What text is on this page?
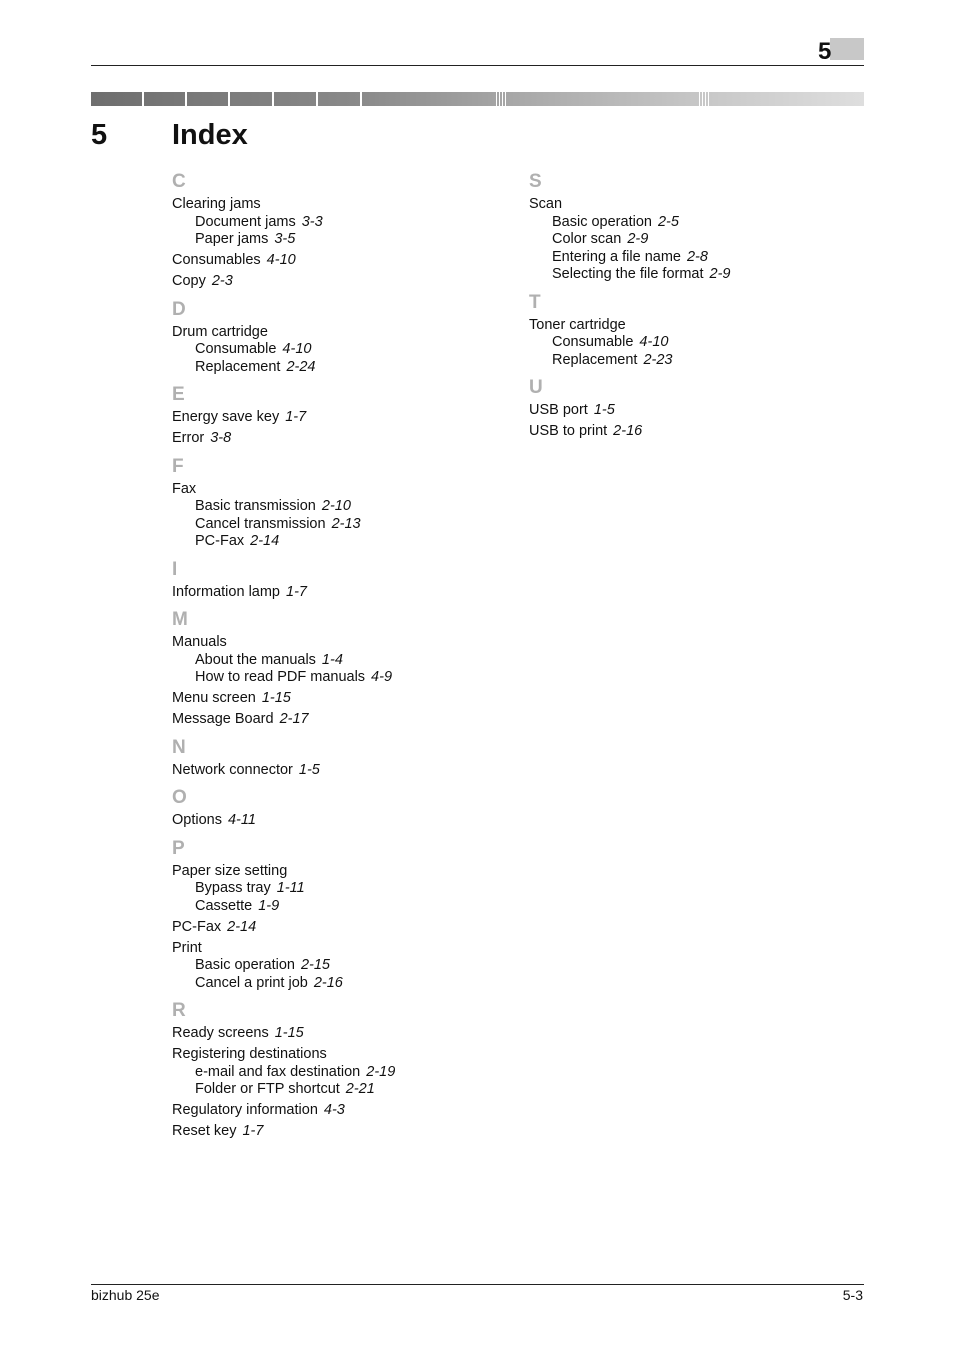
5
5 Index
C
Clearing jams
Document jams 3-3
Paper jams 3-5
Consumables 4-10
Copy 2-3
D
Drum cartridge
Consumable 4-10
Replacement 2-24
E
Energy save key 1-7
Error 3-8
F
Fax
Basic transmission 2-10
Cancel transmission 2-13
PC-Fax 2-14
I
Information lamp 1-7
M
Manuals
About the manuals 1-4
How to read PDF manuals 4-9
Menu screen 1-15
Message Board 2-17
N
Network connector 1-5
O
Options 4-11
P
Paper size setting
Bypass tray 1-11
Cassette 1-9
PC-Fax 2-14
Print
Basic operation 2-15
Cancel a print job 2-16
R
Ready screens 1-15
Registering destinations
e-mail and fax destination 2-19
Folder or FTP shortcut 2-21
Regulatory information 4-3
Reset key 1-7
S
Scan
Basic operation 2-5
Color scan 2-9
Entering a file name 2-8
Selecting the file format 2-9
T
Toner cartridge
Consumable 4-10
Replacement 2-23
U
USB port 1-5
USB to print 2-16
bizhub 25e	5-3
